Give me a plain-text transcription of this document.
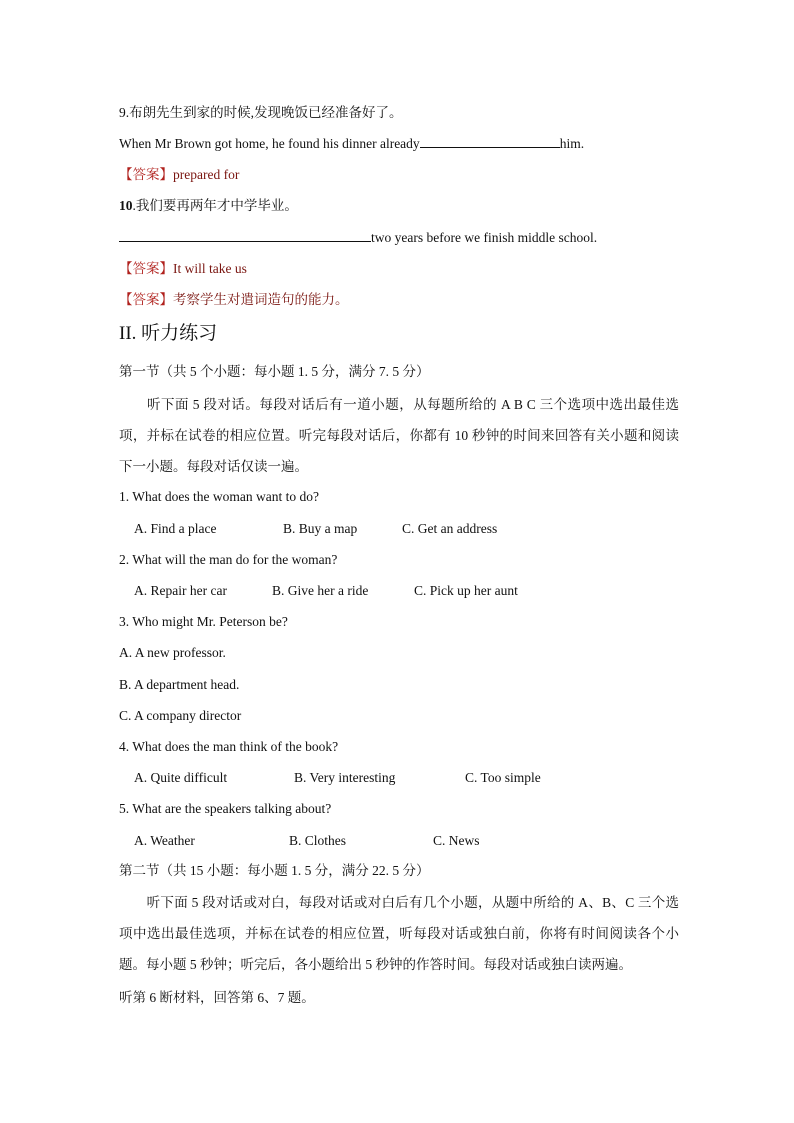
9.布朗先生到家的时候,发现晚饭已经准备好了。
When Mr Brown got home, he found his dinner already	him.
【答案】prepared for
10.我们要再两年才中学毕业。
two years before we finish middle school.
【答案】It will take us
【答案】考察学生对遣词造句的能力。
II. 听力练习
第一节（共 5 个小题：每小题 1. 5 分，满分 7. 5 分）
　　听下面 5 段对话。每段对话后有一道小题，从每题所给的 A B C 三个选项中选出最佳选项，并标在试卷的相应位置。听完每段对话后，你都有 10 秒钟的时间来回答有关小题和阅读下一小题。每段对话仅读一遍。
1. What does the woman want to do?
A. Find a place	B. Buy a map	C. Get an address
2. What will the man do for the woman?
A. Repair her car	B. Give her a ride	C. Pick up her aunt
3. Who might Mr. Peterson be?
A. A new professor.
B. A department head.
C. A company director
4. What does the man think of the book?
A. Quite difficult	B. Very interesting	C. Too simple
5. What are the speakers talking about?
A. Weather	B. Clothes	C. News
第二节（共 15 小题：每小题 1. 5 分，满分 22. 5 分）
　　听下面 5 段对话或对白，每段对话或对白后有几个小题，从题中所给的 A、B、C 三个选项中选出最佳选项，并标在试卷的相应位置，听每段对话或独白前，你将有时间阅读各个小题。每小题 5 秒钟；听完后，各小题给出 5 秒钟的作答时间。每段对话或独白读两遍。
听第 6 断材料，回答第 6、7 题。
